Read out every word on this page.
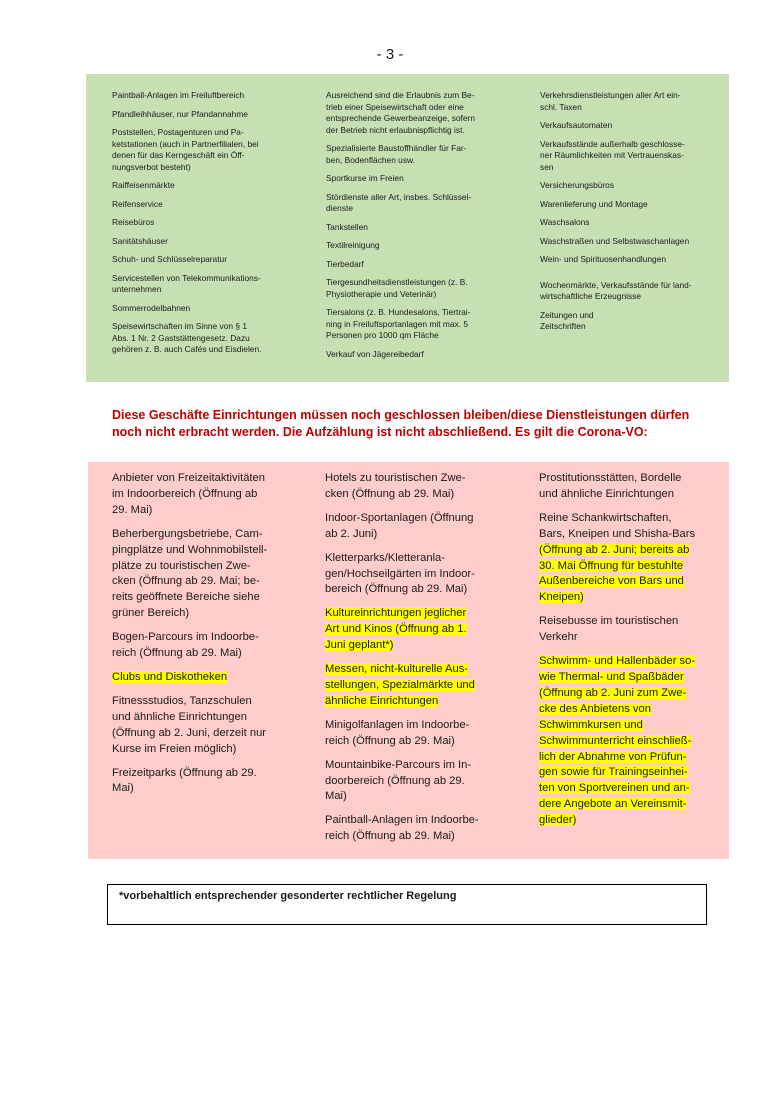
- 3 -
Paintball-Anlagen im Freiluftbereich
Pfandleihhäuser, nur Pfandannahme
Poststellen, Postagenturen und Pa-
ketstationen (auch in Partnerfilialen, bei
denen für das Kerngeschäft ein Öff-
nungsverbot besteht)
Raiffeisenmärkte
Reifenservice
Reisebüros
Sanitätshäuser
Schuh- und Schlüsselreparatur
Servicestellen von Telekommunikations-
unternehmen
Sommerrodelbahnen
Speisewirtschaften im Sinne von § 1
Abs. 1 Nr. 2 Gaststättengesetz. Dazu
gehören z. B. auch Cafés und Eisdielen.
Ausreichend sind die Erlaubnis zum Be-
trieb einer Speisewirtschaft oder eine
entsprechende Gewerbeanzeige, sofern
der Betrieb nicht erlaubnispflichtig ist.
Spezialisierte Baustoffhändler für Far-
ben, Bodenflächen usw.
Sportkurse im Freien
Stördienste aller Art, insbes. Schlüssel-
dienste
Tankstellen
Textilreinigung
Tierbedarf
Tiergesundheitsdienstleistungen (z. B.
Physiotherapie und Veterinär)
Tiersalons (z. B. Hundesalons, Tiertrai-
ning in Freiluftsportanlagen mit max. 5
Personen pro 1000 qm Fläche
Verkauf von Jägereibedarf
Verkehrsdienstleistungen aller Art ein-
schl. Taxen
Verkaufsautomaten
Verkaufsstände außerhalb geschlosse-
ner Räumlichkeiten mit Vertrauenskas-
sen
Versicherungsbüros
Warenlieferung und Montage
Waschsalons
Waschstraßen und Selbstwaschanlagen
Wein- und Spirituosenhandlungen
Wochenmärkte, Verkaufsstände für land-
wirtschaftliche Erzeugnisse
Zeitungen und
Zeitschriften
Diese Geschäfte Einrichtungen müssen noch geschlossen bleiben/diese Dienstleistungen dürfen
noch nicht erbracht werden. Die Aufzählung ist nicht abschließend. Es gilt die Corona-VO:
Anbieter von Freizeitaktivitäten
im Indoorbereich (Öffnung ab
29. Mai)
Beherbergungsbetriebe, Cam-
pingplätze und Wohnmobilstell-
plätze zu touristischen Zwe-
cken (Öffnung ab 29. Mai; be-
reits geöffnete Bereiche siehe
grüner Bereich)
Bogen-Parcours im Indoorbe-
reich (Öffnung ab 29. Mai)
Clubs und Diskotheken
Fitnessstudios, Tanzschulen
und ähnliche Einrichtungen
(Öffnung ab 2. Juni, derzeit nur
Kurse im Freien möglich)
Freizeitparks (Öffnung ab 29.
Mai)
Hotels zu touristischen Zwe-
cken (Öffnung ab 29. Mai)
Indoor-Sportanlagen (Öffnung
ab 2. Juni)
Kletterparks/Kletteranla-
gen/Hochseilgärten im Indoor-
bereich (Öffnung ab 29. Mai)
Kultureinrichtungen jeglicher
Art und Kinos (Öffnung ab 1.
Juni geplant*)
Messen, nicht-kulturelle Aus-
stellungen, Spezialmärkte und
ähnliche Einrichtungen
Minigolfanlagen im Indoorbe-
reich (Öffnung ab 29. Mai)
Mountainbike-Parcours im In-
doorbereich (Öffnung ab 29.
Mai)
Paintball-Anlagen im Indoorbe-
reich (Öffnung ab 29. Mai)
Prostitutionsstätten, Bordelle
und ähnliche Einrichtungen
Reine Schankwirtschaften,
Bars, Kneipen und Shisha-Bars
(Öffnung ab 2. Juni; bereits ab
30. Mai Öffnung für bestuhlte
Außenbereiche von Bars und
Kneipen)
Reisebusse im touristischen
Verkehr
Schwimm- und Hallenbäder so-
wie Thermal- und Spaßbäder
(Öffnung ab 2. Juni zum Zwe-
cke des Anbietens von
Schwimmkursen und
Schwimmunterricht einschließ-
lich der Abnahme von Prüfun-
gen sowie für Trainingseinhei-
ten von Sportvereinen und an-
dere Angebote an Vereinsmit-
glieder)
*vorbehaltlich entsprechender gesonderter rechtlicher Regelung
